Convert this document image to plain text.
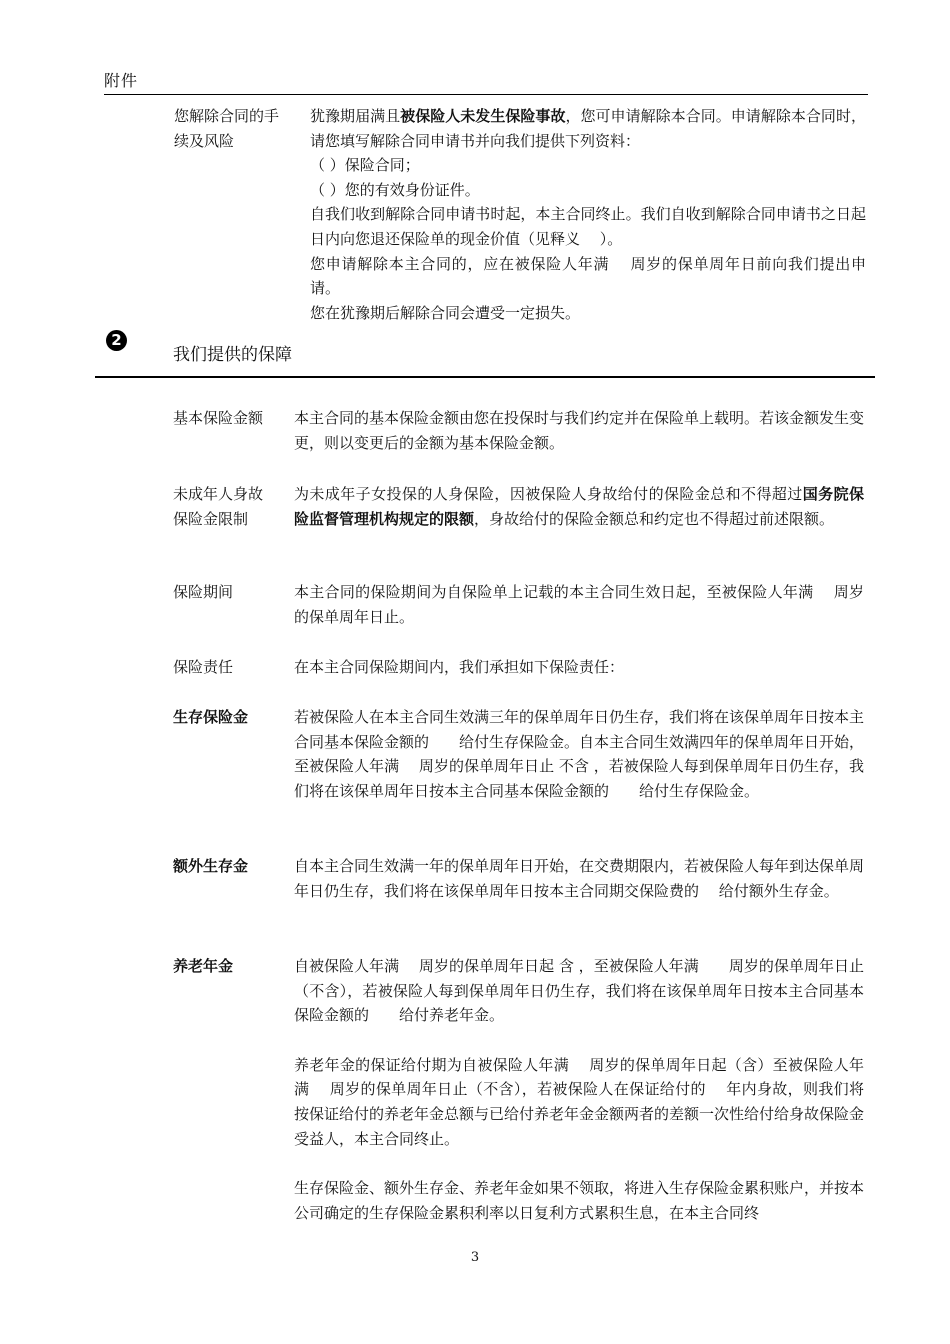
附件
您解除合同的手
续及风险

犹豫期届满且被保险人未发生保险事故，您可申请解除本合同。申请解除本合同时，请您填写解除合同申请书并向我们提供下列资料：

（ ）保险合同；

（ ）您的有效身份证件。

自我们收到解除合同申请书时起，本主合同终止。我们自收到解除合同申请书之日起　 日内向您退还保险单的现金价值（见释义　 ）。

您申请解除本主合同的，应在被保险人年满　 周岁的保单周年日前向我们提出申请。

您在犹豫期后解除合同会遭受一定损失。

2
我们提供的保障
基本保险金额 本主合同的基本保险金额由您在投保时与我们约定并在保险单上载明。若该金额发生变更，则以变更后的金额为基本保险金额。

未成年人身故
保险金限制

为未成年子女投保的人身保险，因被保险人身故给付的保险金总和不得超过国务院保险监督管理机构规定的限额，身故给付的保险金额总和约定也不得超过前述限额。

保险期间	本主合同的保险期间为自保险单上记载的本主合同生效日起，至被保险人年满　 周岁的保单周年日止。

保险责任	在本主合同保险期间内，我们承担如下保险责任：

生存保险金	若被保险人在本主合同生效满三年的保单周年日仍生存，我们将在该保单周年日按本主合同基本保险金额的　　给付生存保险金。自本主合同生效满四年的保单周年日开始，至被保险人年满　 周岁的保单周年日止 不含 ，若被保险人每到保单周年日仍生存，我们将在该保单周年日按本主合同基本保险金额的　　给付生存保险金。

额外生存金	自本主合同生效满一年的保单周年日开始，在交费期限内，若被保险人每年到达保单周年日仍生存，我们将在该保单周年日按本主合同期交保险费的　 给付额外生存金。

养老年金	自被保险人年满　 周岁的保单周年日起 含 ，至被保险人年满　　周岁的保单周年日止（不含），若被保险人每到保单周年日仍生存，我们将在该保单周年日按本主合同基本保险金额的　　给付养老年金。

养老年金的保证给付期为自被保险人年满　 周岁的保单周年日起（含）至被保险人年满　 周岁的保单周年日止（不含），若被保险人在保证给付的　 年内身故，则我们将按保证给付的养老年金总额与已给付养老年金金额两者的差额一次性给付给身故保险金受益人，本主合同终止。

生存保险金、额外生存金、养老年金如果不领取，将进入生存保险金累积账户，并按本公司确定的生存保险金累积利率以日复利方式累积生息，在本主合同终

3
